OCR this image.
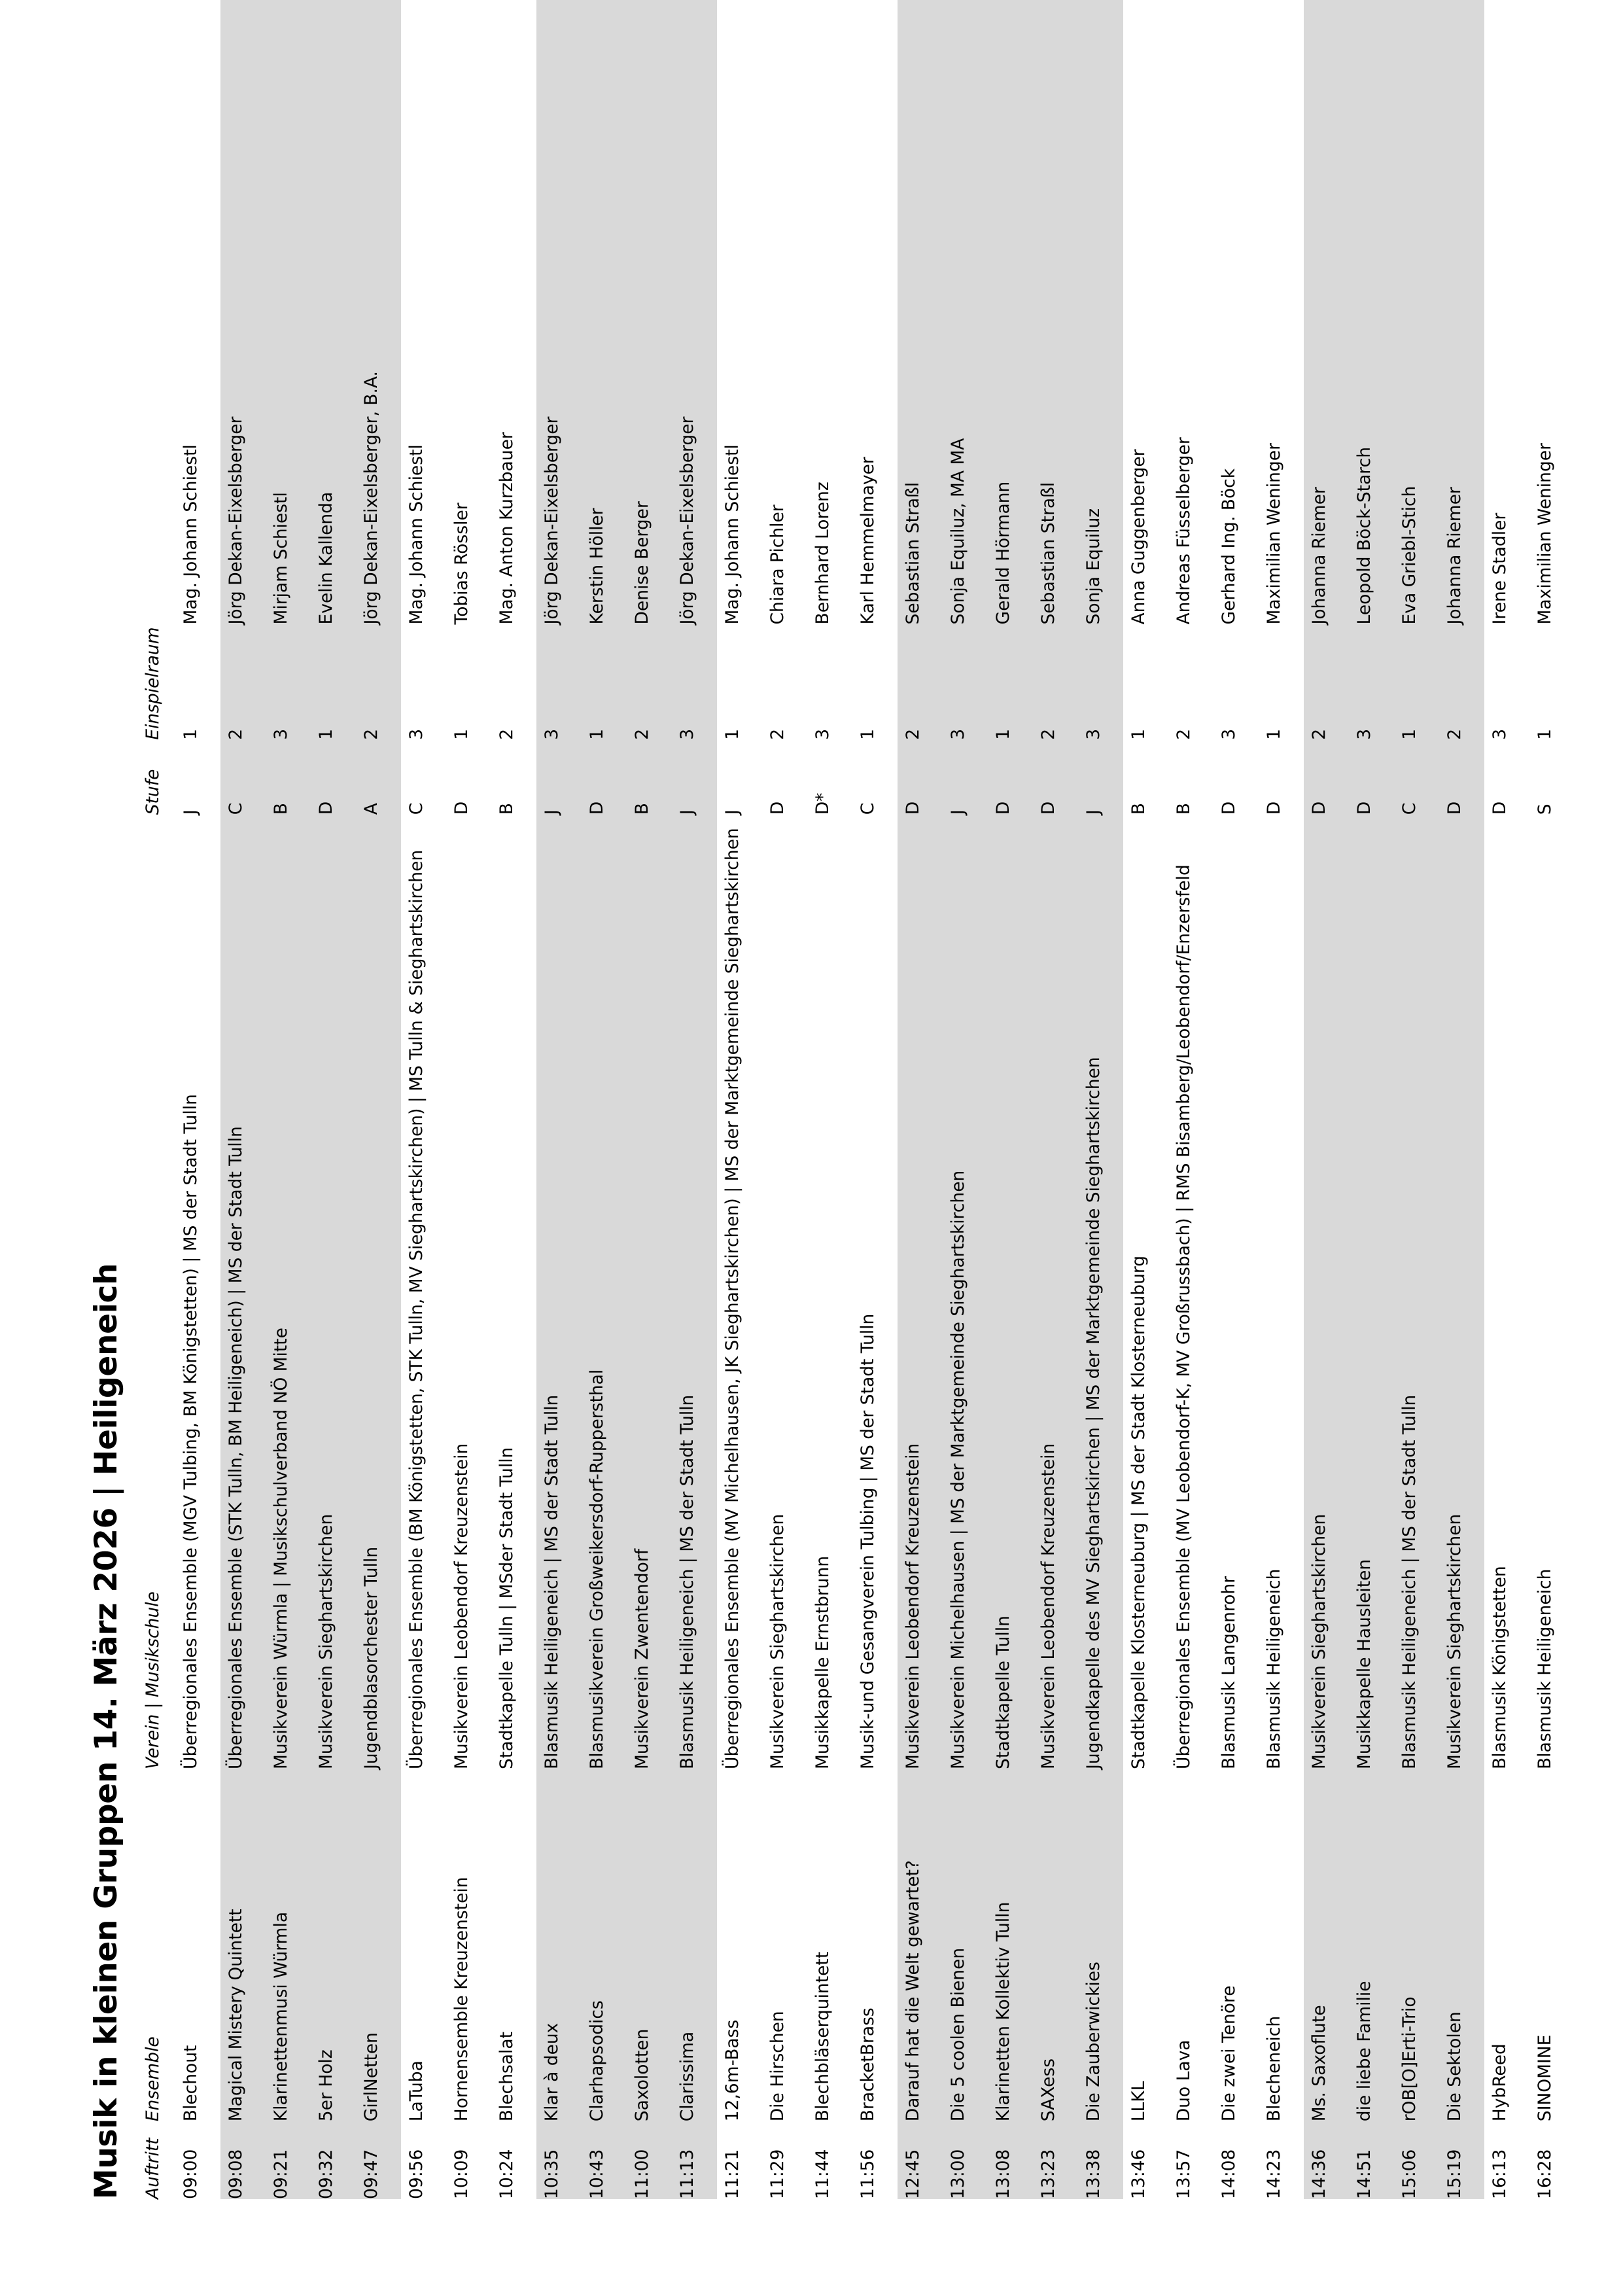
Musik in kleinen Gruppen 14. März 2026 | Heiligeneich Auftritt	Ensemble	Verein | Musikschule	Stufe	Einspielraum	
09:00	Blechout	Überregionales Ensemble (MGV Tulbing, BM Königstetten) | MS der Stadt Tulln	J	1	Mag. Johann Schiestl
09:08	Magical Mistery Quintett	Überregionales Ensemble (STK Tulln, BM Heiligeneich) | MS der Stadt Tulln	C	2	Jörg Dekan-Eixelsberger
09:21	Klarinettenmusi Würmla	Musikverein Würmla | Musikschulverband NÖ Mitte	B	3	Mirjam Schiestl
09:32	5er Holz	Musikverein Sieghartskirchen	D	1	Evelin Kallenda
09:47	GirlNetten	Jugendblasorchester Tulln	A	2	Jörg Dekan-Eixelsberger, B.A.
09:56	LaTuba	Überregionales Ensemble (BM Königstetten, STK Tulln, MV Sieghartskirchen) | MS Tulln & Sieghartskirchen	C	3	Mag. Johann Schiestl
10:09	Hornensemble Kreuzenstein	Musikverein Leobendorf Kreuzenstein	D	1	Tobias Rössler
10:24	Blechsalat	Stadtkapelle Tulln | MSder Stadt Tulln	B	2	Mag. Anton Kurzbauer
10:35	Klar à deux	Blasmusik Heiligeneich | MS der Stadt Tulln	J	3	Jörg Dekan-Eixelsberger
10:43	Clarhapsodics	Blasmusikverein Großweikersdorf-Ruppersthal	D	1	Kerstin Höller
11:00	Saxolotten	Musikverein Zwentendorf	B	2	Denise Berger
11:13	Clarissima	Blasmusik Heiligeneich | MS der Stadt Tulln	J	3	Jörg Dekan-Eixelsberger
11:21	12,6m-Bass	Überregionales Ensemble (MV Michelhausen, JK Sieghartskirchen) | MS der Marktgemeinde Sieghartskirchen	J	1	Mag. Johann Schiestl
11:29	Die Hirschen	Musikverein Sieghartskirchen	D	2	Chiara Pichler
11:44	Blechbläserquintett	Musikkapelle Ernstbrunn	D*	3	Bernhard Lorenz
11:56	BracketBrass	Musik-und Gesangverein Tulbing | MS der Stadt Tulln	C	1	Karl Hemmelmayer
12:45	Darauf hat die Welt gewartet?	Musikverein Leobendorf Kreuzenstein	D	2	Sebastian Straßl
13:00	Die 5 coolen Bienen	Musikverein Michelhausen | MS der Marktgemeinde Sieghartskirchen	J	3	Sonja Equiluz, MA MA
13:08	Klarinetten Kollektiv Tulln	Stadtkapelle Tulln	D	1	Gerald Hörmann
13:23	SAXess	Musikverein Leobendorf Kreuzenstein	D	2	Sebastian Straßl
13:38	Die Zauberwickies	Jugendkapelle des MV Sieghartskirchen | MS der Marktgemeinde Sieghartskirchen	J	3	Sonja Equiluz
13:46	LLKL	Stadtkapelle Klosterneuburg | MS der Stadt Klosterneuburg	B	1	Anna Guggenberger
13:57	Duo Lava	Überregionales Ensemble (MV Leobendorf-K, MV Großrussbach) | RMS Bisamberg/Leobendorf/Enzersfeld	B	2	Andreas Füsselberger
14:08	Die zwei Tenöre	Blasmusik Langenrohr	D	3	Gerhard Ing. Böck
14:23	Blecheneich	Blasmusik Heiligeneich	D	1	Maximilian Weninger
14:36	Ms. Saxoflute	Musikverein Sieghartskirchen	D	2	Johanna Riemer
14:51	die liebe Familie	Musikkapelle Hausleiten	D	3	Leopold Böck-Starch
15:06	rOB[O]Erti-Trio	Blasmusik Heiligeneich | MS der Stadt Tulln	C	1	Eva Griebl-Stich
15:19	Die Sektolen	Musikverein Sieghartskirchen	D	2	Johanna Riemer
16:13	HybReed	Blasmusik Königstetten	D	3	Irene Stadler
16:28	SINOMINE	Blasmusik Heiligeneich	S	1	Maximilian Weninger
